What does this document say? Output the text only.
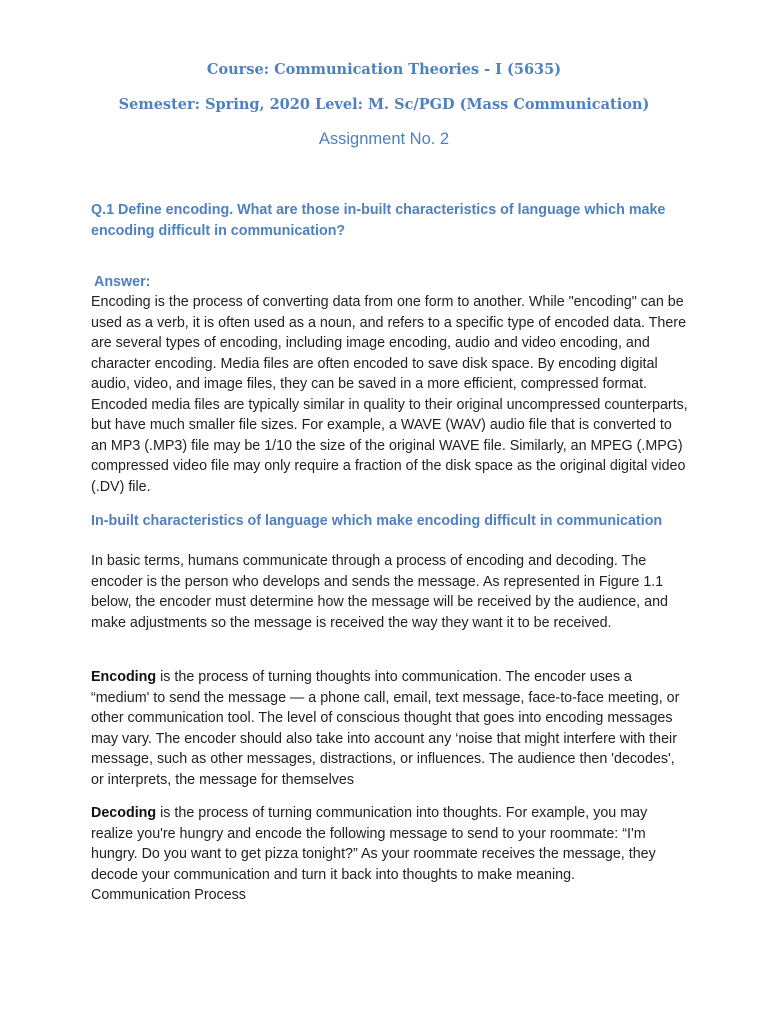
Course: Communication Theories - I (5635)
Semester: Spring, 2020 Level: M. Sc/PGD (Mass Communication)
Assignment No. 2
Q.1 Define encoding. What are those in-built characteristics of language which make encoding difficult in communication?
Answer:
Encoding is the process of converting data from one form to another. While "encoding" can be used as a verb, it is often used as a noun, and refers to a specific type of encoded data. There are several types of encoding, including image encoding, audio and video encoding, and character encoding. Media files are often encoded to save disk space. By encoding digital audio, video, and image files, they can be saved in a more efficient, compressed format. Encoded media files are typically similar in quality to their original uncompressed counterparts, but have much smaller file sizes. For example, a WAVE (WAV) audio file that is converted to an MP3 (.MP3) file may be 1/10 the size of the original WAVE file. Similarly, an MPEG (.MPG) compressed video file may only require a fraction of the disk space as the original digital video (.DV) file.
In-built characteristics of language which make encoding difficult in communication
In basic terms, humans communicate through a process of encoding and decoding. The encoder is the person who develops and sends the message. As represented in Figure 1.1 below, the encoder must determine how the message will be received by the audience, and make adjustments so the message is received the way they want it to be received.
Encoding is the process of turning thoughts into communication. The encoder uses a “medium' to send the message — a phone call, email, text message, face-to-face meeting, or other communication tool. The level of conscious thought that goes into encoding messages may vary. The encoder should also take into account any ‘noise that might interfere with their message, such as other messages, distractions, or influences. The audience then 'decodes', or interprets, the message for themselves
Decoding is the process of turning communication into thoughts. For example, you may realize you're hungry and encode the following message to send to your roommate: “I'm hungry. Do you want to get pizza tonight?” As your roommate receives the message, they decode your communication and turn it back into thoughts to make meaning.
Communication Process
